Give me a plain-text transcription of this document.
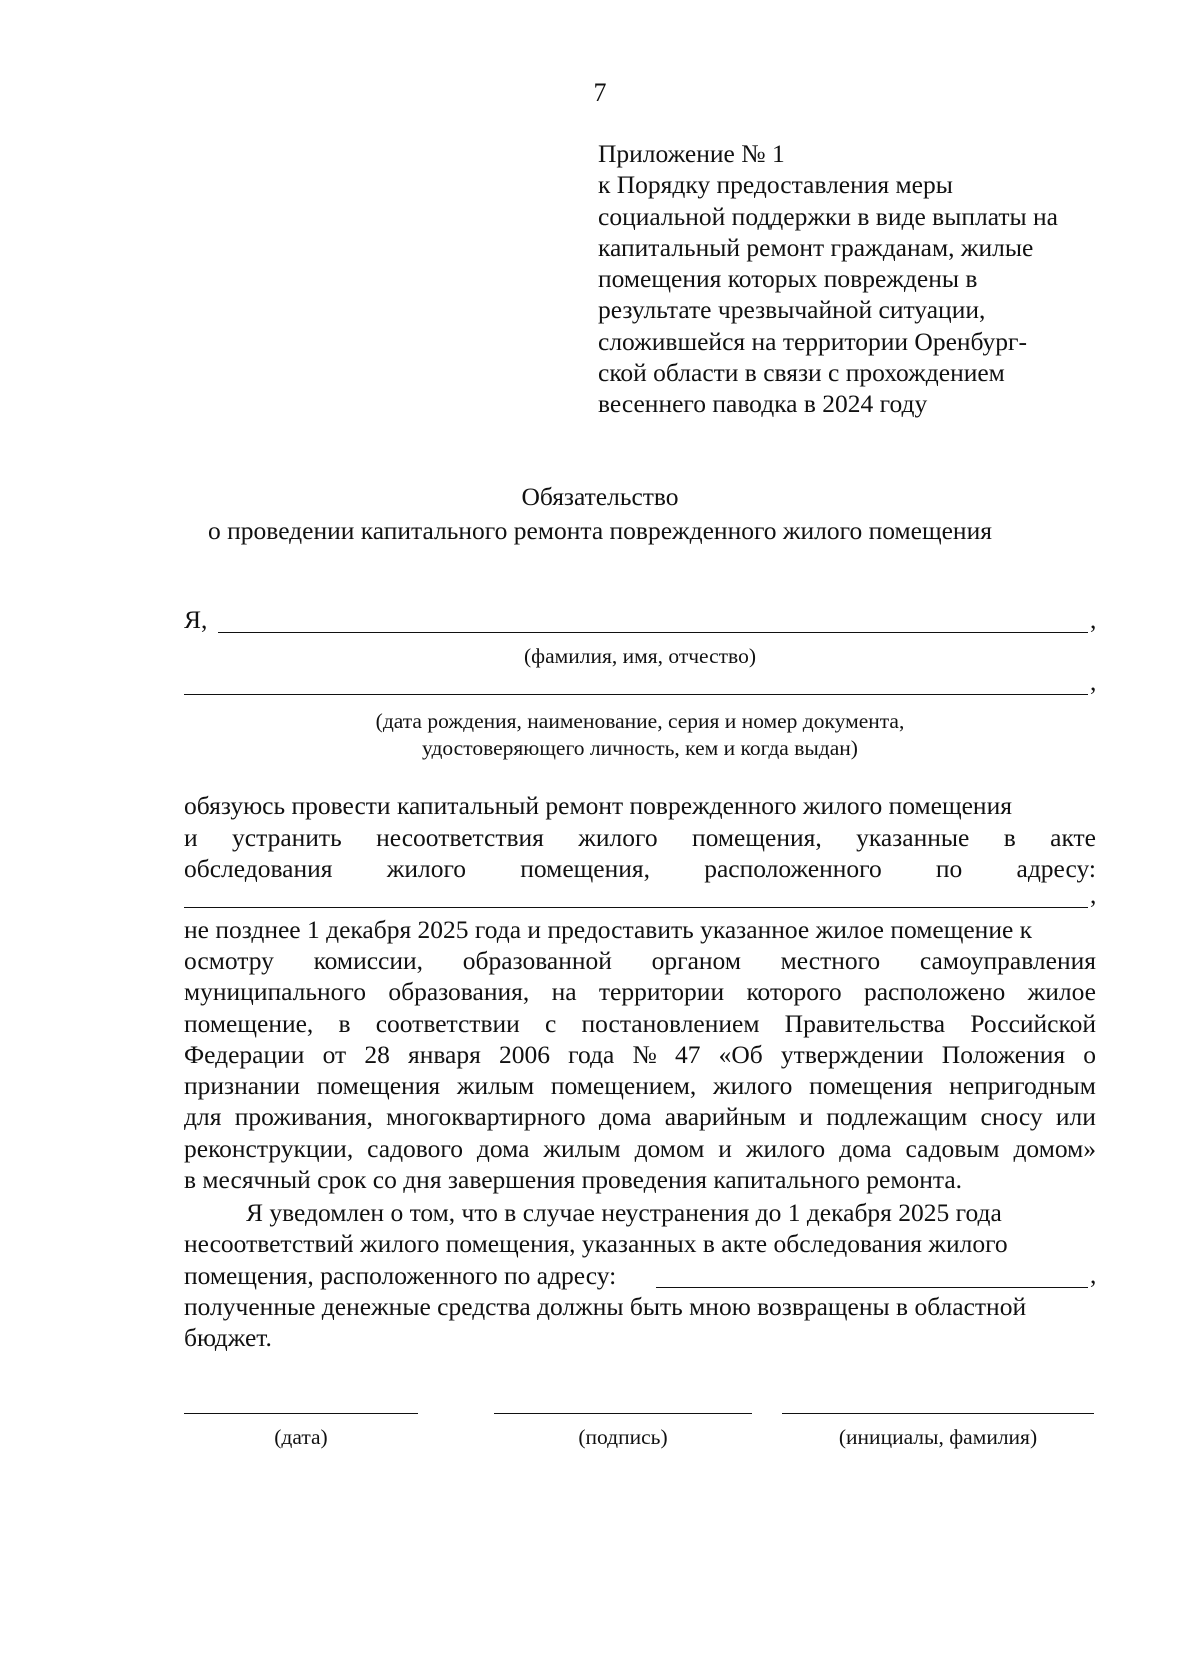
7
Приложение № 1
к Порядку предоставления меры
социальной поддержки в виде выплаты на
капитальный ремонт гражданам, жилые
помещения которых повреждены в
результате чрезвычайной ситуации,
сложившейся на территории Оренбург-
ской области в связи с прохождением
весеннего паводка в 2024 году
Обязательство
о проведении капитального ремонта поврежденного жилого помещения
Я,	,
(фамилия, имя, отчество)
,
(дата рождения, наименование, серия и номер документа,
удостоверяющего личность, кем и когда выдан)
обязуюсь провести капитальный ремонт поврежденного жилого помещения
и устранить несоответствия жилого помещения, указанные в акте
обследования жилого помещения, расположенного по адресу:
,
не позднее 1 декабря 2025 года и предоставить указанное жилое помещение к
осмотру комиссии, образованной органом местного самоуправления
муниципального образования, на территории которого расположено жилое
помещение, в соответствии с постановлением Правительства Российской
Федерации от 28 января 2006 года № 47 «Об утверждении Положения о
признании помещения жилым помещением, жилого помещения непригодным
для проживания, многоквартирного дома аварийным и подлежащим сносу или
реконструкции, садового дома жилым домом и жилого дома садовым домом»
в месячный срок со дня завершения проведения капитального ремонта.
Я уведомлен о том, что в случае неустранения до 1 декабря 2025 года
несоответствий жилого помещения, указанных в акте обследования жилого
помещения, расположенного по адресу:	,
полученные денежные средства должны быть мною возвращены в областной
бюджет.
(дата)	(подпись)	(инициалы, фамилия)
